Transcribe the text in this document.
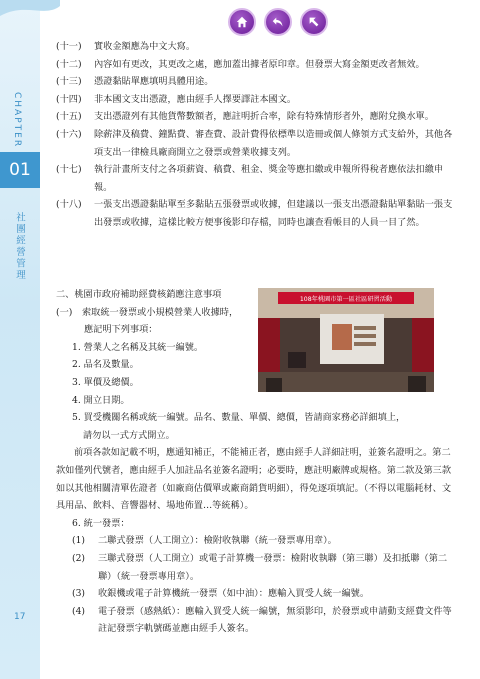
CHAPTER
01
社團經營管理
17
(十一)	實收金額應為中文大寫。
(十二)	內容如有更改，其更改之處，應加蓋出據者原印章。但發票大寫金額更改者無效。
(十三)	憑證黏貼單應填明具體用途。
(十四)	非本國文支出憑證，應由經手人擇要譯註本國文。
(十五)	支出憑證列有其他貨幣數額者，應註明折合率，除有特殊情形者外，應附兌換水單。
(十六)	除薪津及稿費、鐘點費、審查費、設計費得依標準以造冊或個人條領方式支給外，其他各項支出一律檢具廠商開立之發票或營業收據支列。
(十七)	執行計畫所支付之各項薪資、稿費、租金、獎金等應扣繳或申報所得稅者應依法扣繳申報。
(十八)	一張支出憑證黏貼單至多黏貼五張發票或收據，但建議以一張支出憑證黏貼單黏貼一張支出發票或收據，這樣比較方便事後影印存檔，同時也讓查看帳目的人員一目了然。
108年桃園市第一區社區研習活動
二、桃園市政府補助經費核銷應注意事項
(一)	索取統一發票或小規模營業人收據時，
應記明下列事項：
1. 營業人之名稱及其統一編號。
2. 品名及數量。
3. 單價及總價。
4. 開立日期。
5. 買受機關名稱或統一編號。品名、數量、單價、總價，皆請商家務必詳細填上，
請勿以一式方式開立。
前項各款如記載不明，應通知補正，不能補正者，應由經手人詳細註明，並簽名證明之。第二款如僅列代號者，應由經手人加註品名並簽名證明；必要時，應註明廠牌或規格。第二款及第三款如以其他相關清單佐證者（如廠商估價單或廠商銷貨明細），得免逐項填記。（不得以電腦耗材、文具用品、飲料、音響器材、場地佈置…等統稱）。
6. 統一發票：
(1)	二聯式發票（人工開立）：檢附收執聯（統一發票專用章）。
(2)	三聯式發票（人工開立）或電子計算機一發票：檢附收執聯（第三聯）及扣抵聯（第二聯）（統一發票專用章）。
(3)	收銀機或電子計算機統一發票（如中油）：應輸入買受人統一編號。
(4)	電子發票（感熱紙）：應輸入買受人統一編號，無須影印，於發票或申請動支經費文件等註記發票字軌號碼並應由經手人簽名。
